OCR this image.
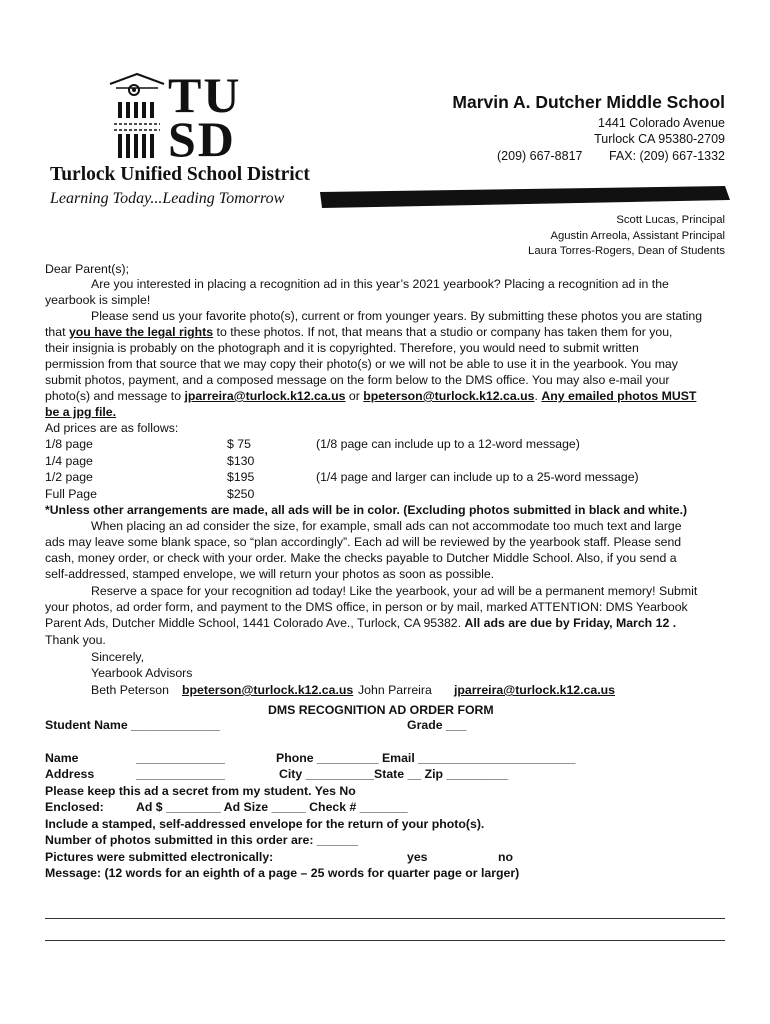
TU
SD
Turlock Unified School District
Learning Today...Leading Tomorrow
Marvin A. Dutcher Middle School
1441 Colorado Avenue
Turlock CA 95380-2709
(209) 667-8817 FAX: (209) 667-1332
Scott Lucas, Principal
Agustin Arreola, Assistant Principal
Laura Torres-Rogers, Dean of Students
Dear Parent(s);
Are you interested in placing a recognition ad in this year’s 2021 yearbook? Placing a recognition ad in the
yearbook is simple!
Please send us your favorite photo(s), current or from younger years. By submitting these photos you are stating
that you have the legal rights to these photos. If not, that means that a studio or company has taken them for you,
their insignia is probably on the photograph and it is copyrighted. Therefore, you would need to submit written
permission from that source that we may copy their photo(s) or we will not be able to use it in the yearbook. You may
submit photos, payment, and a composed message on the form below to the DMS office. You may also e-mail your
photo(s) and message to jparreira@turlock.k12.ca.us or bpeterson@turlock.k12.ca.us. Any emailed photos MUST
be a jpg file.
Ad prices are as follows:
1/8 page	$ 75	(1/8 page can include up to a 12-word message)
1/4 page	$130
1/2 page	$195	(1/4 page and larger can include up to a 25-word message)
Full Page	$250
*Unless other arrangements are made, all ads will be in color. (Excluding photos submitted in black and white.)
When placing an ad consider the size, for example, small ads can not accommodate too much text and large
ads may leave some blank space, so “plan accordingly”. Each ad will be reviewed by the yearbook staff. Please send
cash, money order, or check with your order. Make the checks payable to Dutcher Middle School. Also, if you send a
self-addressed, stamped envelope, we will return your photos as soon as possible.
Reserve a space for your recognition ad today! Like the yearbook, your ad will be a permanent memory! Submit
your photos, ad order form, and payment to the DMS office, in person or by mail, marked ATTENTION: DMS Yearbook
Parent Ads, Dutcher Middle School, 1441 Colorado Ave., Turlock, CA 95382. All ads are due by Friday, March 12 .
Thank you.
Sincerely,
Yearbook Advisors
Beth Peterson bpeterson@turlock.k12.ca.us John Parreira jparreira@turlock.k12.ca.us
DMS RECOGNITION AD ORDER FORM
Student Name _____________	Grade ___
Name	_____________	Phone _________ Email _______________________
Address	_____________	City __________State __ Zip _________
Please keep this ad a secret from my student. Yes No
Enclosed:	Ad $ ________ Ad Size _____ Check # _______
Include a stamped, self-addressed envelope for the return of your photo(s).
Number of photos submitted in this order are: ______
Pictures were submitted electronically:	yes	no
Message: (12 words for an eighth of a page – 25 words for quarter page or larger)
